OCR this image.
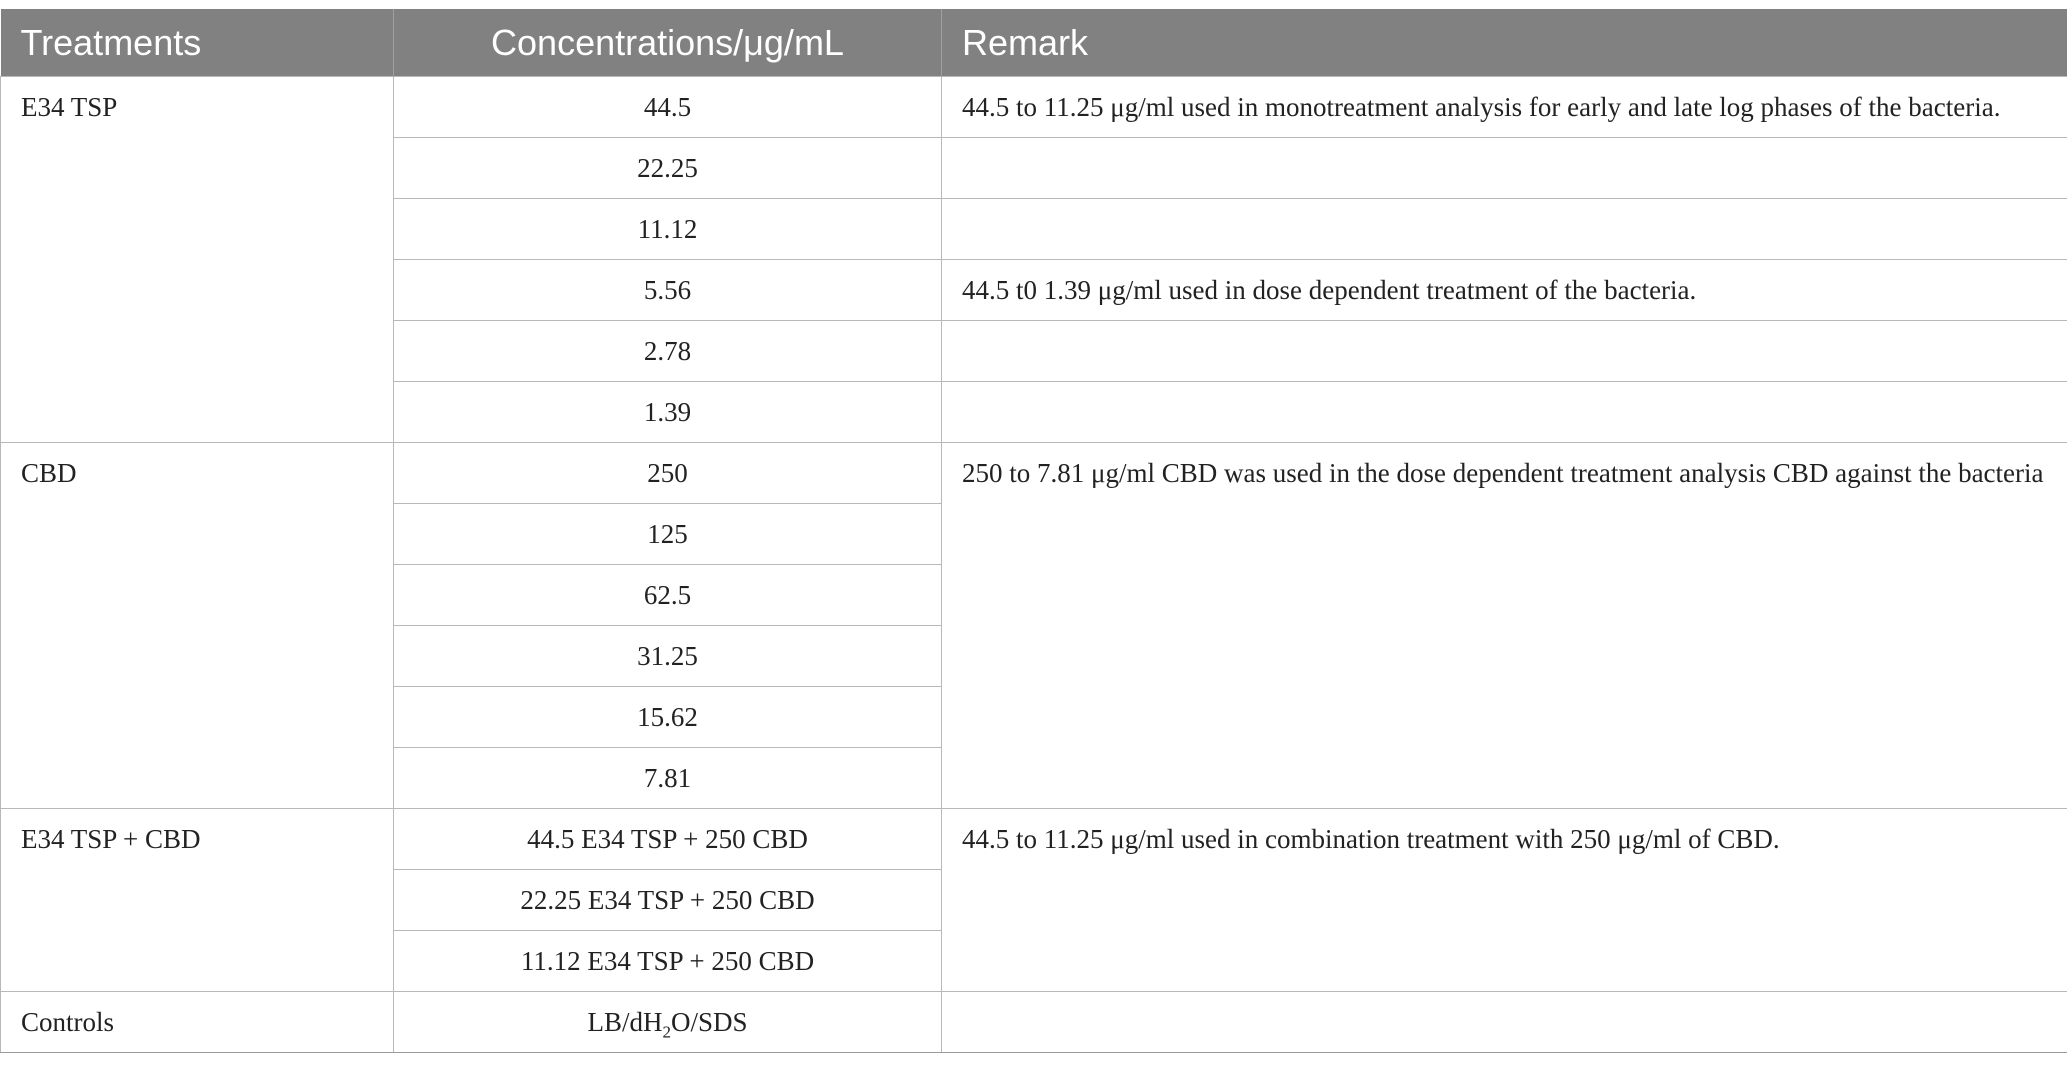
Treatments	Concentrations/μg/mL	Remark
E34 TSP	44.5	44.5 to 11.25 μg/ml used in monotreatment analysis for early and late log phases of the bacteria.
	22.25	
	11.12	
	5.56	44.5 t0 1.39 μg/ml used in dose dependent treatment of the bacteria.
	2.78	
	1.39	
CBD	250	250 to 7.81 μg/ml CBD was used in the dose dependent treatment analysis CBD against the bacteria
	125	
	62.5	
	31.25	
	15.62	
	7.81	
E34 TSP + CBD	44.5 E34 TSP + 250 CBD	44.5 to 11.25 μg/ml used in combination treatment with 250 μg/ml of CBD.
	22.25 E34 TSP + 250 CBD	
	11.12 E34 TSP + 250 CBD	
Controls	$LB/dH_2O$/SDS	
